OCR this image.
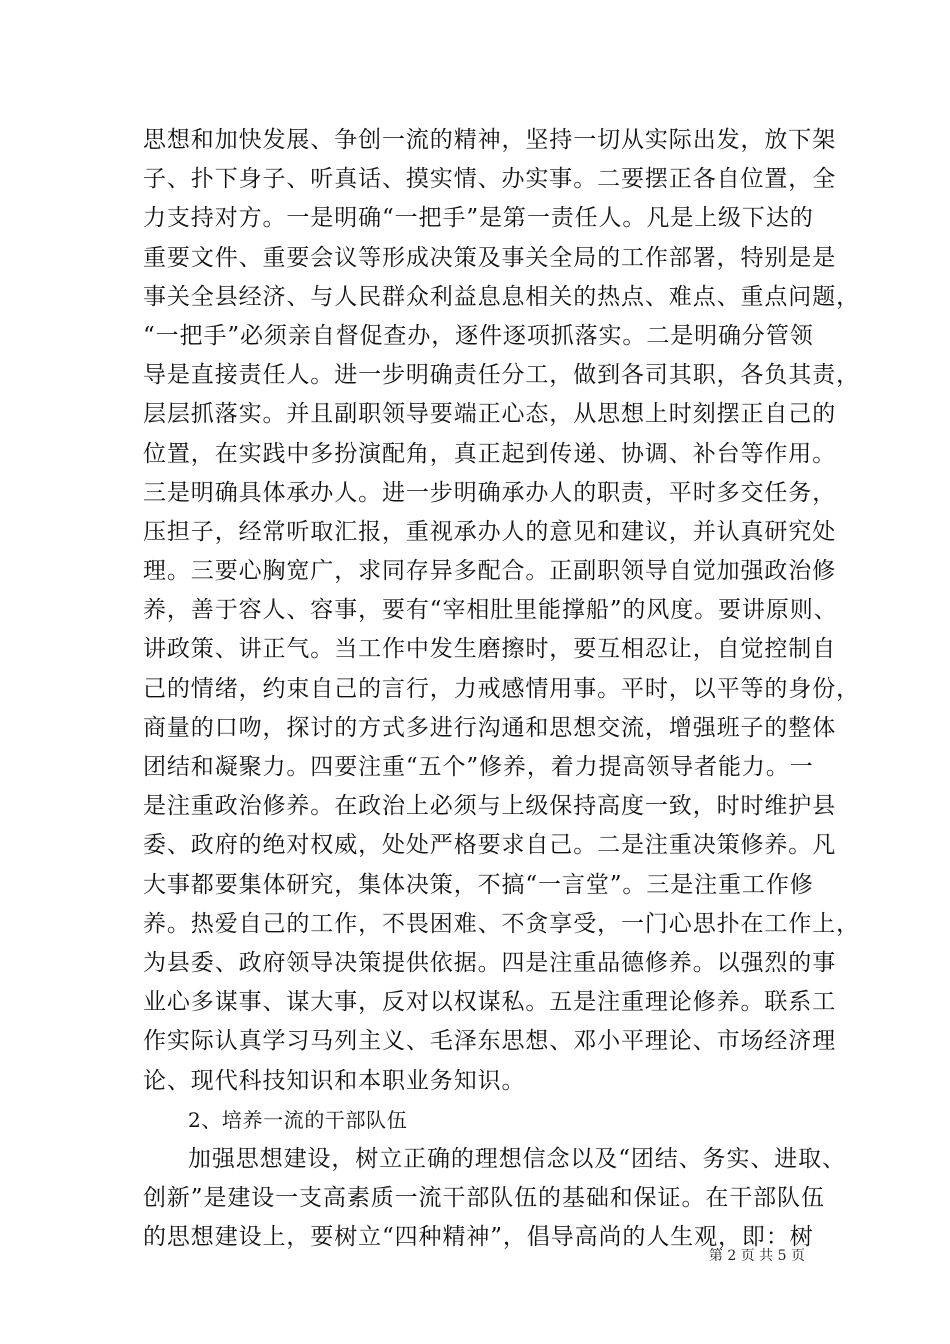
思想和加快发展、争创一流的精神，坚持一切从实际出发，放下架
子、扑下身子、听真话、摸实情、办实事。二要摆正各自位置，全
力支持对方。一是明确“一把手”是第一责任人。凡是上级下达的
重要文件、重要会议等形成决策及事关全局的工作部署，特别是是
事关全县经济、与人民群众利益息息相关的热点、难点、重点问题，
“一把手”必须亲自督促查办，逐件逐项抓落实。二是明确分管领
导是直接责任人。进一步明确责任分工，做到各司其职，各负其责，
层层抓落实。并且副职领导要端正心态，从思想上时刻摆正自己的
位置，在实践中多扮演配角，真正起到传递、协调、补台等作用。
三是明确具体承办人。进一步明确承办人的职责，平时多交任务，
压担子，经常听取汇报，重视承办人的意见和建议，并认真研究处
理。三要心胸宽广，求同存异多配合。正副职领导自觉加强政治修
养，善于容人、容事，要有“宰相肚里能撑船”的风度。要讲原则、
讲政策、讲正气。当工作中发生磨擦时，要互相忍让，自觉控制自
己的情绪，约束自己的言行，力戒感情用事。平时，以平等的身份，
商量的口吻，探讨的方式多进行沟通和思想交流，增强班子的整体
团结和凝聚力。四要注重“五个”修养，着力提高领导者能力。一
是注重政治修养。在政治上必须与上级保持高度一致，时时维护县
委、政府的绝对权威，处处严格要求自己。二是注重决策修养。凡
大事都要集体研究，集体决策，不搞“一言堂”。三是注重工作修
养。热爱自己的工作，不畏困难、不贪享受，一门心思扑在工作上，
为县委、政府领导决策提供依据。四是注重品德修养。以强烈的事
业心多谋事、谋大事，反对以权谋私。五是注重理论修养。联系工
作实际认真学习马列主义、毛泽东思想、邓小平理论、市场经济理
论、现代科技知识和本职业务知识。
2、培养一流的干部队伍
加强思想建设，树立正确的理想信念以及“团结、务实、进取、
创新”是建设一支高素质一流干部队伍的基础和保证。在干部队伍
的思想建设上，要树立“四种精神”，倡导高尚的人生观，即：树
第 2 页 共 5 页
